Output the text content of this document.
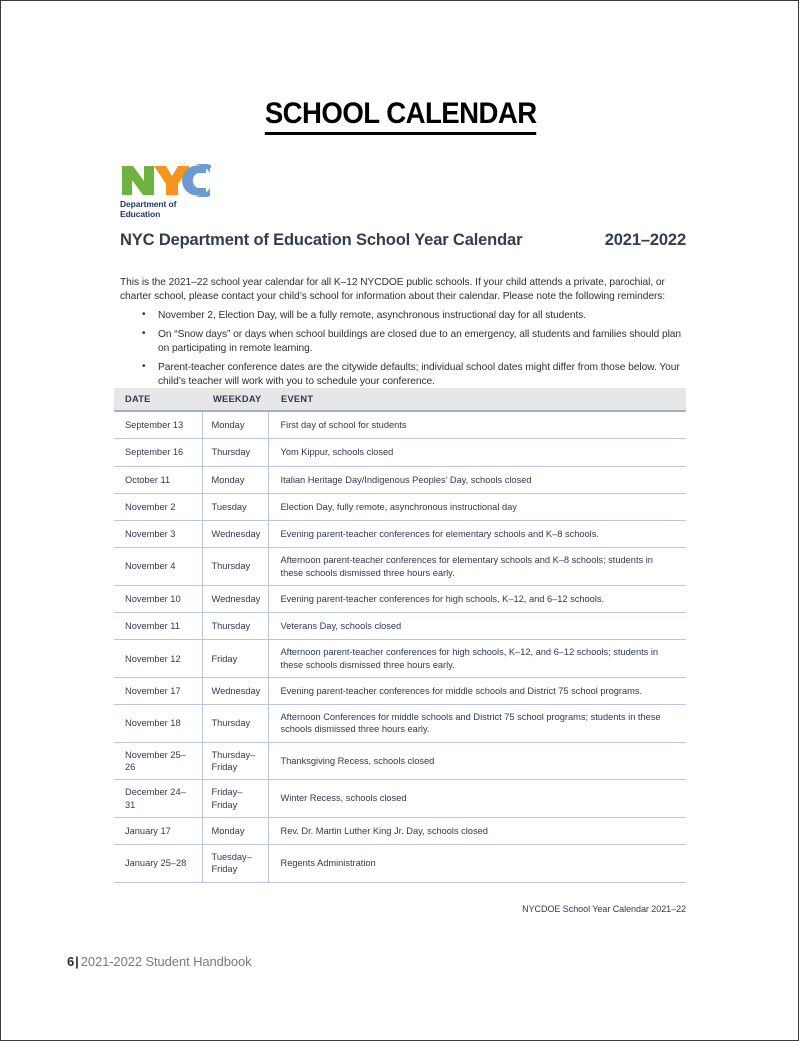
SCHOOL CALENDAR
Department of
Education
NYC Department of Education School Year Calendar	2021–2022

This is the 2021–22 school year calendar for all K–12 NYCDOE public schools. If your child attends a private, parochial, or charter school, please contact your child’s school for information about their calendar. Please note the following reminders:

• November 2, Election Day, will be a fully remote, asynchronous instructional day for all students.
• On “Snow days” or days when school buildings are closed due to an emergency, all students and families should plan on participating in remote learning.
• Parent-teacher conference dates are the citywide defaults; individual school dates might differ from those below. Your child’s teacher will work with you to schedule your conference.
DATE	WEEKDAY	EVENT
September 13	Monday	First day of school for students
September 16	Thursday	Yom Kippur, schools closed
October 11	Monday	Italian Heritage Day/Indigenous Peoples’ Day, schools closed
November 2	Tuesday	Election Day, fully remote, asynchronous instructional day
November 3	Wednesday	Evening parent-teacher conferences for elementary schools and K–8 schools.
November 4	Thursday	Afternoon parent-teacher conferences for elementary schools and K–8 schools; students in these schools dismissed three hours early.
November 10	Wednesday	Evening parent-teacher conferences for high schools, K–12, and 6–12 schools.
November 11	Thursday	Veterans Day, schools closed
November 12	Friday	Afternoon parent-teacher conferences for high schools, K–12, and 6–12 schools; students in these schools dismissed three hours early.
November 17	Wednesday	Evening parent-teacher conferences for middle schools and District 75 school programs.
November 18	Thursday	Afternoon Conferences for middle schools and District 75 school programs; students in these schools dismissed three hours early.
November 25–26	Thursday–Friday	Thanksgiving Recess, schools closed
December 24–31	Friday–Friday	Winter Recess, schools closed
January 17	Monday	Rev. Dr. Martin Luther King Jr. Day, schools closed
January 25–28	Tuesday–Friday	Regents Administration
NYCDOE School Year Calendar 2021–22
6| 2021-2022 Student Handbook
